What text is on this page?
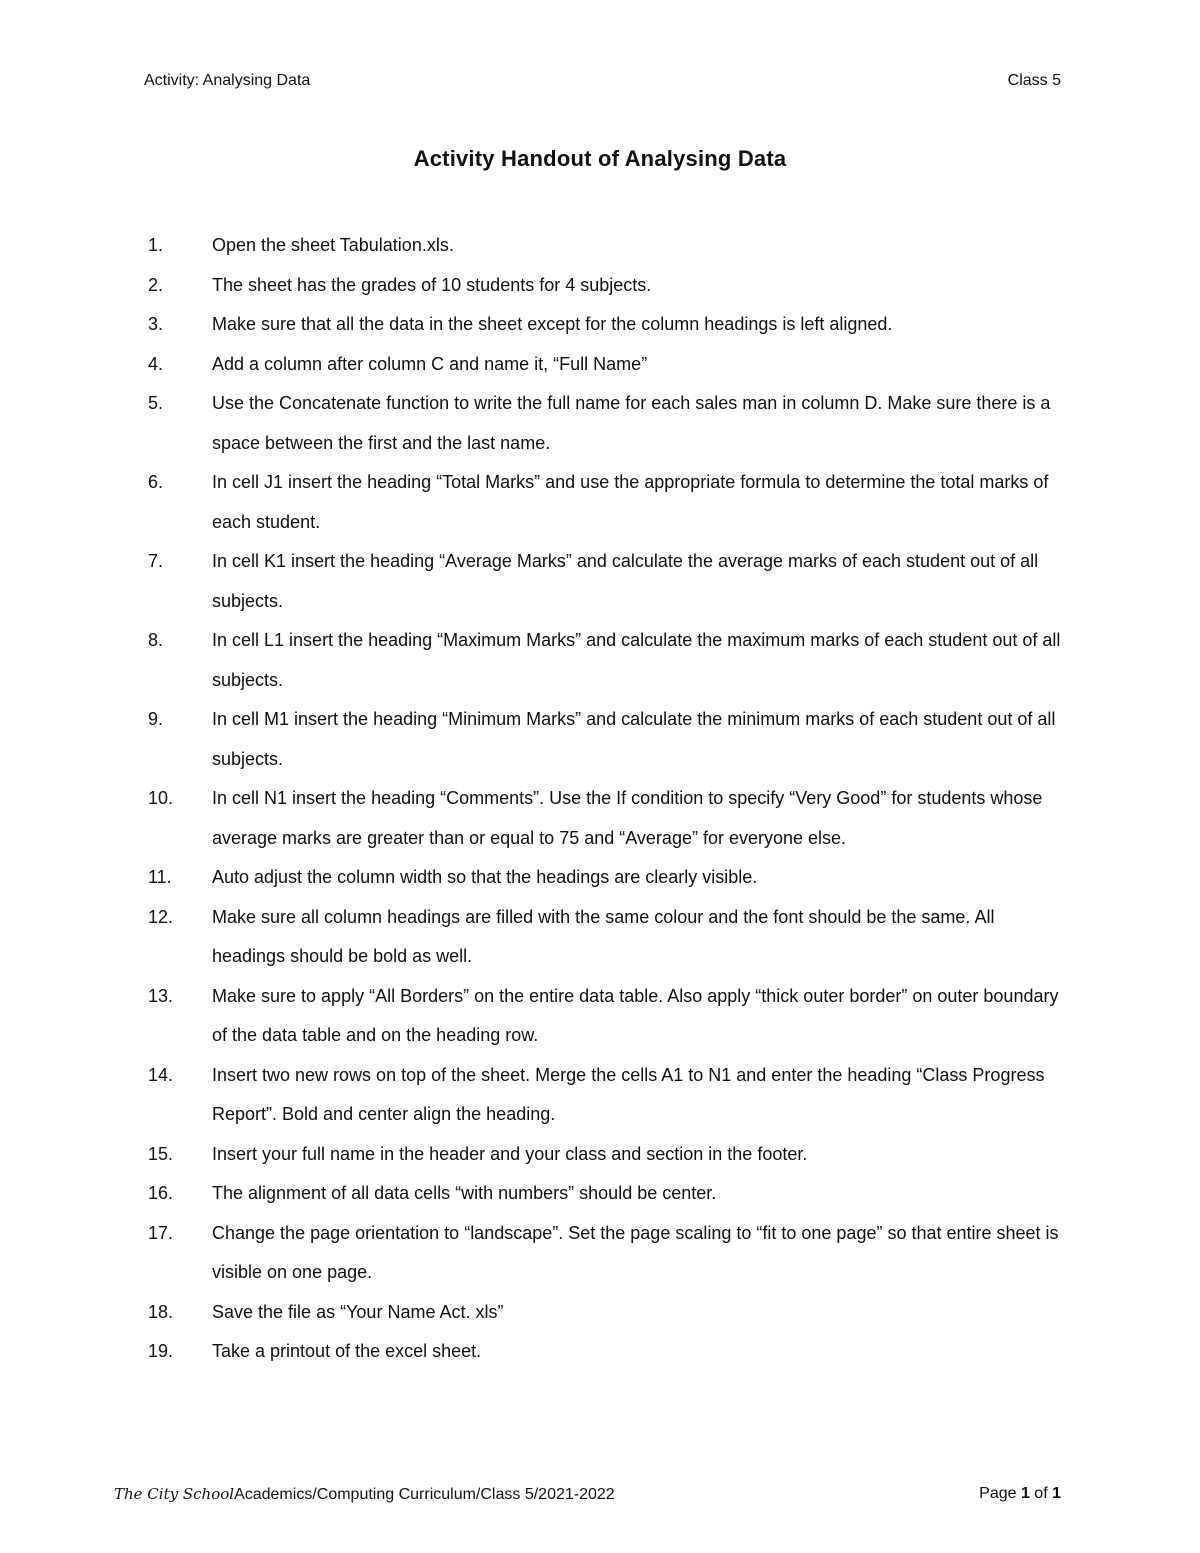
Activity: Analysing Data	Class 5
Activity Handout of Analysing Data
1.	Open the sheet Tabulation.xls.
2.	The sheet has the grades of 10 students for 4 subjects.
3.	Make sure that all the data in the sheet except for the column headings is left aligned.
4.	Add a column after column C and name it, “Full Name”
5.	Use the Concatenate function to write the full name for each sales man in column D. Make sure there is a space between the first and the last name.
6.	In cell J1 insert the heading “Total Marks” and use the appropriate formula to determine the total marks of each student.
7.	In cell K1 insert the heading “Average Marks” and calculate the average marks of each student out of all subjects.
8.	In cell L1 insert the heading “Maximum Marks” and calculate the maximum marks of each student out of all subjects.
9.	In cell M1 insert the heading “Minimum Marks” and calculate the minimum marks of each student out of all subjects.
10.	In cell N1 insert the heading “Comments”. Use the If condition to specify “Very Good” for students whose average marks are greater than or equal to 75 and “Average” for everyone else.
11.	Auto adjust the column width so that the headings are clearly visible.
12.	Make sure all column headings are filled with the same colour and the font should be the same. All headings should be bold as well.
13.	Make sure to apply “All Borders” on the entire data table. Also apply “thick outer border” on outer boundary of the data table and on the heading row.
14.	Insert two new rows on top of the sheet. Merge the cells A1 to N1 and enter the heading “Class Progress Report”. Bold and center align the heading.
15.	Insert your full name in the header and your class and section in the footer.
16.	The alignment of all data cells “with numbers” should be center.
17.	Change the page orientation to “landscape”. Set the page scaling to “fit to one page” so that entire sheet is visible on one page.
18.	Save the file as “Your Name Act. xls”
19.	Take a printout of the excel sheet.
The City SchoolAcademics/Computing Curriculum/Class 5/2021-2022	Page 1 of 1
